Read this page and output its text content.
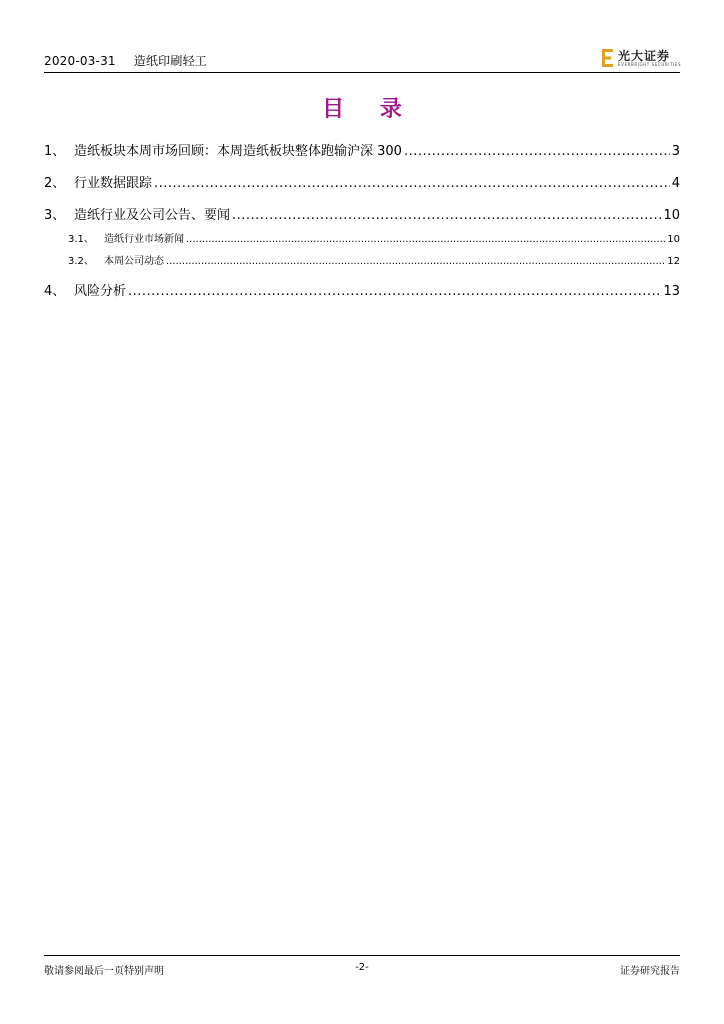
2020-03-31 造纸印刷轻工	光大证券
EVERBRIGHT SECURITIES
目 录
1、 造纸板块本周市场回顾：本周造纸板块整体跑输沪深 300 .....	3
2、 行业数据跟踪 .....	4
3、 造纸行业及公司公告、要闻 .....	10
3.1、	造纸行业市场新闻 .....	10
3.2、	本周公司动态 .....	12
4、 风险分析 .....	13
敬请参阅最后一页特别声明	-2-	证券研究报告
